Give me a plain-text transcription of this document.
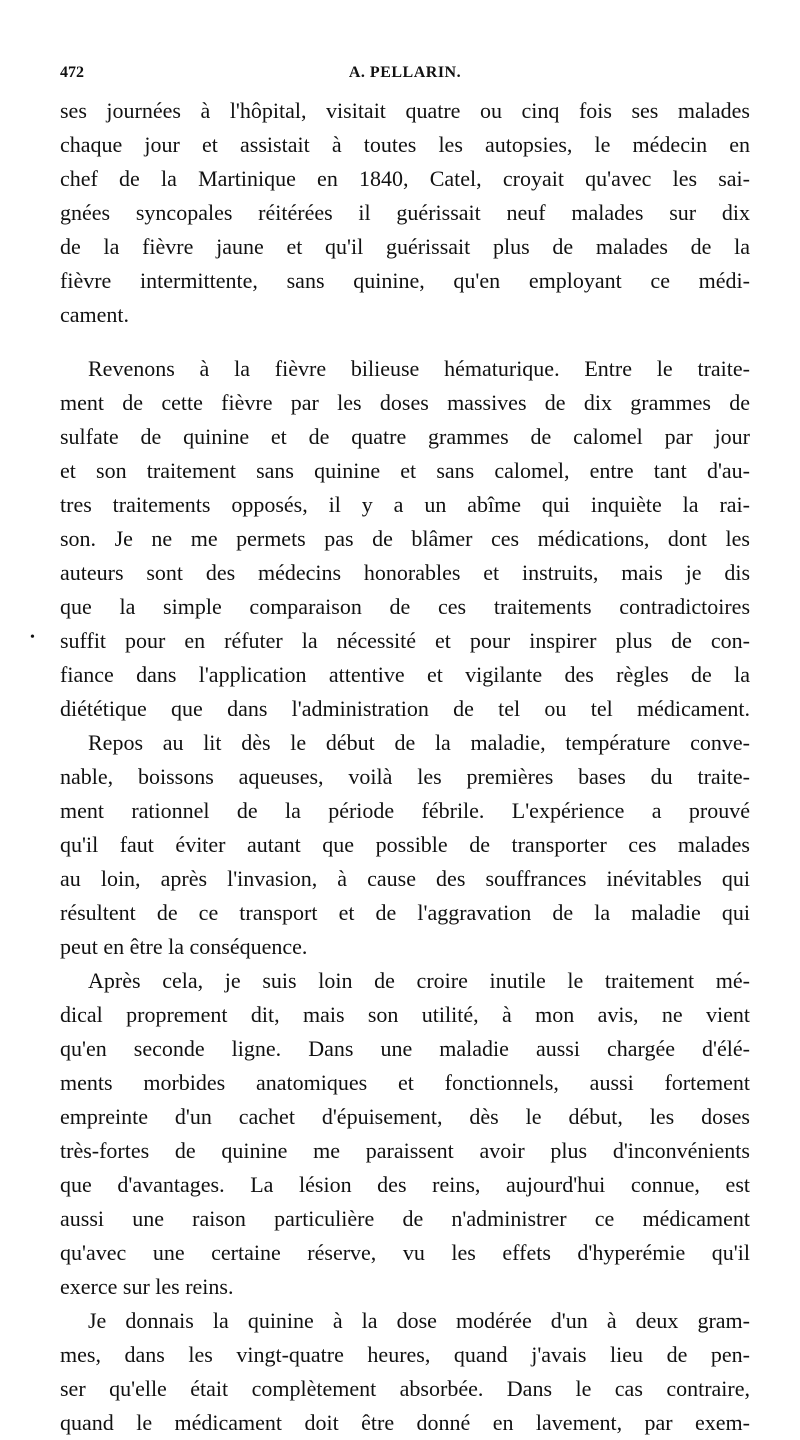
472	A. PELLARIN.
•
ses journées à l'hôpital, visitait quatre ou cinq fois ses malades
chaque jour et assistait à toutes les autopsies, le médecin en
chef de la Martinique en 1840, Catel, croyait qu'avec les sai-
gnées syncopales réitérées il guérissait neuf malades sur dix
de la fièvre jaune et qu'il guérissait plus de malades de la
fièvre intermittente, sans quinine, qu'en employant ce médi-
cament.
Revenons à la fièvre bilieuse hématurique. Entre le traite-
ment de cette fièvre par les doses massives de dix grammes de
sulfate de quinine et de quatre grammes de calomel par jour
et son traitement sans quinine et sans calomel, entre tant d'au-
tres traitements opposés, il y a un abîme qui inquiète la rai-
son. Je ne me permets pas de blâmer ces médications, dont les
auteurs sont des médecins honorables et instruits, mais je dis
que la simple comparaison de ces traitements contradictoires
suffit pour en réfuter la nécessité et pour inspirer plus de con-
fiance dans l'application attentive et vigilante des règles de la
diététique que dans l'administration de tel ou tel médicament.
Repos au lit dès le début de la maladie, température conve-
nable, boissons aqueuses, voilà les premières bases du traite-
ment rationnel de la période fébrile. L'expérience a prouvé
qu'il faut éviter autant que possible de transporter ces malades
au loin, après l'invasion, à cause des souffrances inévitables qui
résultent de ce transport et de l'aggravation de la maladie qui
peut en être la conséquence.
Après cela, je suis loin de croire inutile le traitement mé-
dical proprement dit, mais son utilité, à mon avis, ne vient
qu'en seconde ligne. Dans une maladie aussi chargée d'élé-
ments morbides anatomiques et fonctionnels, aussi fortement
empreinte d'un cachet d'épuisement, dès le début, les doses
très-fortes de quinine me paraissent avoir plus d'inconvénients
que d'avantages. La lésion des reins, aujourd'hui connue, est
aussi une raison particulière de n'administrer ce médicament
qu'avec une certaine réserve, vu les effets d'hyperémie qu'il
exerce sur les reins.
Je donnais la quinine à la dose modérée d'un à deux gram-
mes, dans les vingt-quatre heures, quand j'avais lieu de pen-
ser qu'elle était complètement absorbée. Dans le cas contraire,
quand le médicament doit être donné en lavement, par exem-
